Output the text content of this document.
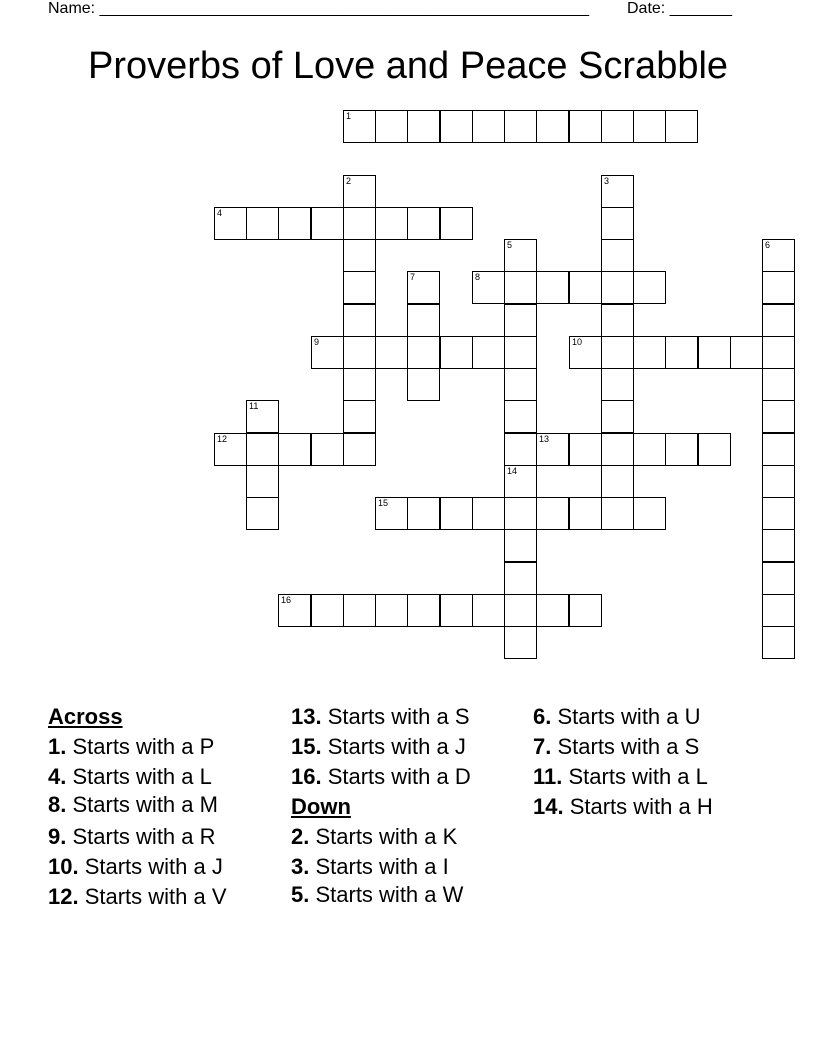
Name: _______________________________________________________ Date: _______
Proverbs of Love and Peace Scrabble
1
2	3
4
5	6
7	8
9	10
11
12	13
14
15
16

Across

1. Starts with a P

4. Starts with a L

8. Starts with a M

9. Starts with a R

10. Starts with a J

12. Starts with a V

13. Starts with a S

15. Starts with a J

16. Starts with a D

Down

2. Starts with a K

3. Starts with a I

5. Starts with a W

6. Starts with a U

7. Starts with a S

11. Starts with a L

14. Starts with a H
